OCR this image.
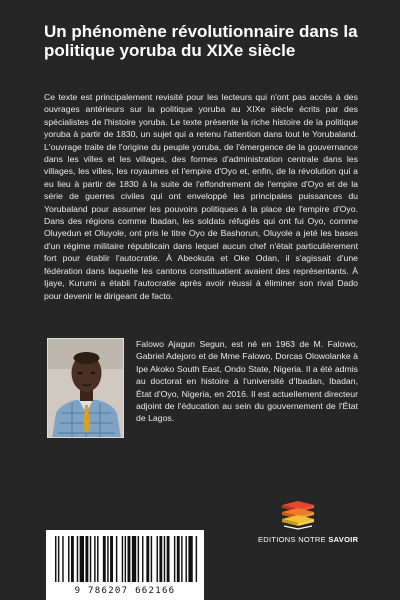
Un phénomène révolutionnaire dans la politique yoruba du XIXe siècle

Ce texte est principalement revisité pour les lecteurs qui n'ont pas accès à des ouvrages antérieurs sur la politique yoruba au XIXe siècle écrits par des spécialistes de l'histoire yoruba. Le texte présente la riche histoire de la politique yoruba à partir de 1830, un sujet qui a retenu l'attention dans tout le Yorubaland. L'ouvrage traite de l'origine du peuple yoruba, de l'émergence de la gouvernance dans les villes et les villages, des formes d'administration centrale dans les villages, les villes, les royaumes et l'empire d'Oyo et, enfin, de la révolution qui a eu lieu à partir de 1830 à la suite de l'effondrement de l'empire d'Oyo et de la série de guerres civiles qui ont enveloppé les principales puissances du Yorubaland pour assumer les pouvoirs politiques à la place de l'empire d'Oyo. Dans des régions comme Ibadan, les soldats réfugiés qui ont fui Oyo, comme Oluyedun et Oluyole, ont pris le titre Oyo de Bashorun, Oluyole a jeté les bases d'un régime militaire républicain dans lequel aucun chef n'était particulièrement fort pour établir l'autocratie. À Abeokuta et Oke Odan, il s'agissait d'une fédération dans laquelle les cantons constituatient avaient des représentants. À Ijaye, Kurumi a établi l'autocratie après avoir réussi à éliminer son rival Dado pour devenir le dirigeant de facto.

Falowo Ajagun Segun, est né en 1963 de M. Falowo, Gabriel Adejoro et de Mme Falowo, Dorcas Olowolanke à Ipe Akoko South East, Ondo State, Nigeria. Il a été admis au doctorat en histoire à l'université d'Ibadan, Ibadan, État d'Oyo, Nigeria, en 2016. Il est actuellement directeur adjoint de l'éducation au sein du gouvernement de l'État de Lagos.

EDITIONS NOTRE SAVOIR
9 786207 662166
